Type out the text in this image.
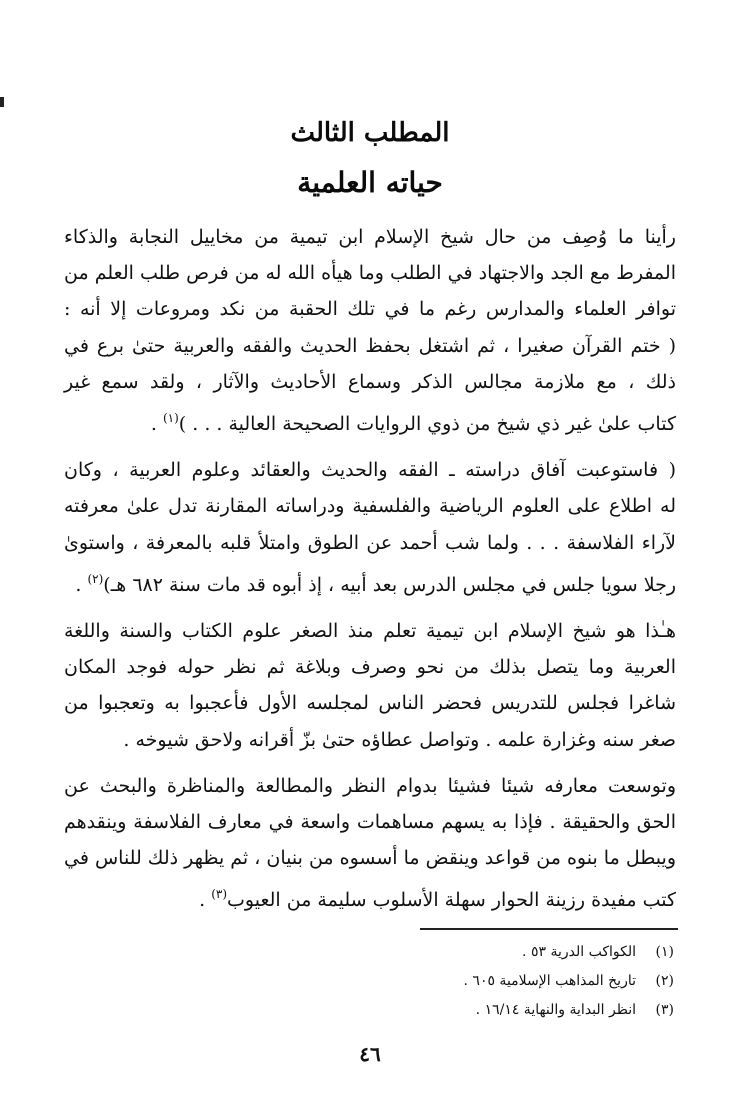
المطلب الثالث
حياته العلمية
رأينا ما وُصِف من حال شيخ الإسلام ابن تيمية من مخاييل النجابة والذكاء
المفرط مع الجد والاجتهاد في الطلب وما هيأه الله له من فرص طلب العلم من
توافر العلماء والمدارس رغم ما في تلك الحقبة من نكد ومروعات إلا أنه :
( ختم القرآن صغيرا ، ثم اشتغل بحفظ الحديث والفقه والعربية حتىٰ برع في
ذلك ، مع ملازمة مجالس الذكر وسماع الأحاديث والآثار ، ولقد سمع غير
كتاب علىٰ غير ذي شيخ من ذوي الروايات الصحيحة العالية . . . )$^{(١)}$ .
( فاستوعبت آفاق دراسته ـ الفقه والحديث والعقائد وعلوم العربية ، وكان
له اطلاع على العلوم الرياضية والفلسفية ودراساته المقارنة تدل علىٰ معرفته
لآراء الفلاسفة . . . ولما شب أحمد عن الطوق وامتلأ قلبه بالمعرفة ، واستوىٰ
رجلا سويا جلس في مجلس الدرس بعد أبيه ، إذ أبوه قد مات سنة ٦٨٢ هـ)$^{(٢)}$ .
هـٰذا هو شيخ الإسلام ابن تيمية تعلم منذ الصغر علوم الكتاب والسنة واللغة
العربية وما يتصل بذلك من نحو وصرف وبلاغة ثم نظر حوله فوجد المكان
شاغرا فجلس للتدريس فحضر الناس لمجلسه الأول فأعجبوا به وتعجبوا من
صغر سنه وغزارة علمه . وتواصل عطاؤه حتىٰ بزّ أقرانه ولاحق شيوخه .
وتوسعت معارفه شيئا فشيئا بدوام النظر والمطالعة والمناظرة والبحث عن
الحق والحقيقة . فإذا به يسهم مساهمات واسعة في معارف الفلاسفة وينقدهم
ويبطل ما بنوه من قواعد وينقض ما أسسوه من بنيان ، ثم يظهر ذلك للناس في
كتب مفيدة رزينة الحوار سهلة الأسلوب سليمة من العيوب$^{(٣)}$ .
(١)الكواكب الدرية ٥٣ .
(٢)تاريخ المذاهب الإسلامية ٦٠٥ .
(٣)انظر البداية والنهاية ١٦/١٤ .
٤٦
